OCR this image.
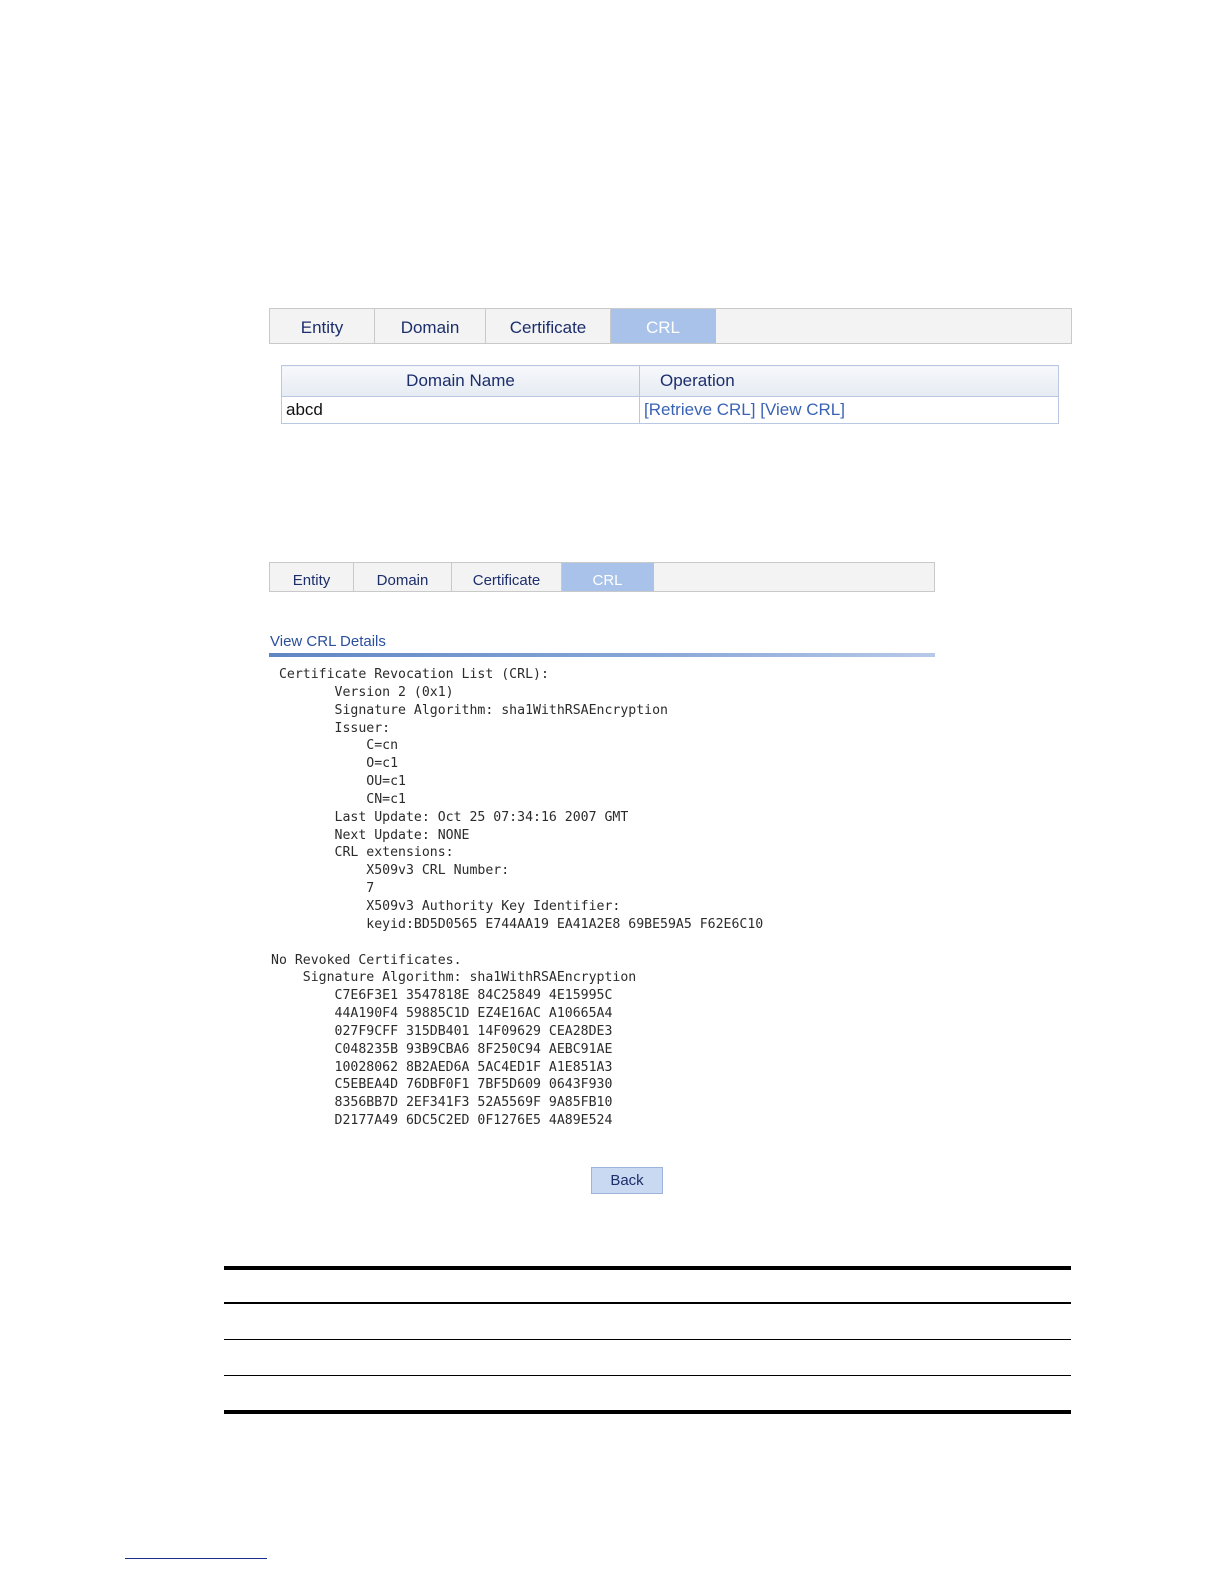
Entity	Domain	Certificate	CRL
Domain Name	Operation
abcd	[Retrieve CRL] [View CRL]
Entity	Domain	Certificate	CRL
View CRL Details
Certificate Revocation List (CRL):
Version 2 (0x1)
Signature Algorithm: sha1WithRSAEncryption
Issuer:
C=cn
O=c1
OU=c1
CN=c1
Last Update: Oct 25 07:34:16 2007 GMT
Next Update: NONE
CRL extensions:
X509v3 CRL Number:
7
X509v3 Authority Key Identifier:
keyid:BD5D0565 E744AA19 EA41A2E8 69BE59A5 F62E6C10

No Revoked Certificates.
Signature Algorithm: sha1WithRSAEncryption
C7E6F3E1 3547818E 84C25849 4E15995C
44A190F4 59885C1D EZ4E16AC A10665A4
027F9CFF 315DB401 14F09629 CEA28DE3
C048235B 93B9CBA6 8F250C94 AEBC91AE
10028062 8B2AED6A 5AC4ED1F A1E851A3
C5EBEA4D 76DBF0F1 7BF5D609 0643F930
8356BB7D 2EF341F3 52A5569F 9A85FB10
D2177A49 6DC5C2ED 0F1276E5 4A89E524
Back
